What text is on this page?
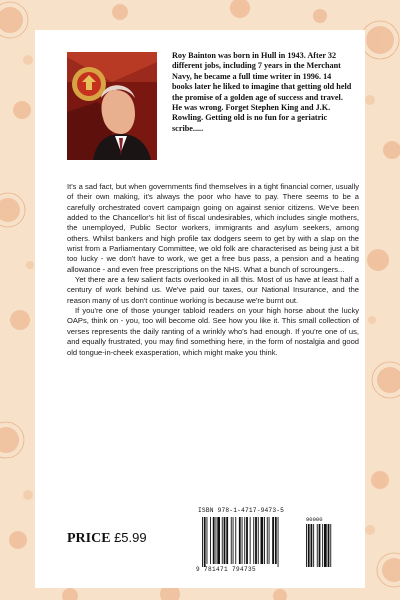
Roy Bainton was born in Hull in 1943. After 32 different jobs, including 7 years in the Merchant Navy, he became a full time writer in 1996. 14 books later he liked to imagine that getting old held the promise of a golden age of success and travel. He was wrong. Forget Stephen King and J.K. Rowling. Getting old is no fun for a geriatric scribe.....

It's a sad fact, but when governments find themselves in a tight financial corner, usually of their own making, it's always the poor who have to pay. There seems to be a carefully orchestrated covert campaign going on against senior citizens. We've been added to the Chancellor's hit list of fiscal undesirables, which includes single mothers, the unemployed, Public Sector workers, immigrants and asylum seekers, among others. Whilst bankers and high profile tax dodgers seem to get by with a slap on the wrist from a Parliamentary Committee, we old folk are characterised as being just a bit too lucky - we don't have to work, we get a free bus pass, a pension and a heating allowance - and even free prescriptions on the NHS. What a bunch of scroungers...

Yet there are a few salient facts overlooked in all this. Most of us have at least half a century of work behind us. We've paid our taxes, our National Insurance, and the reason many of us don't continue working is because we're burnt out.

If you're one of those younger tabloid readers on your high horse about the lucky OAPs, think on - you, too will become old. See how you like it. This small collection of verses represents the daily ranting of a wrinkly who's had enough. If you're one of us, and equally frustrated, you may find something here, in the form of nostalgia and good old tongue-in-cheek exasperation, which might make you think.

PRICE £5.99
ISBN 978-1-4717-9473-5
90000
9 781471 794735
